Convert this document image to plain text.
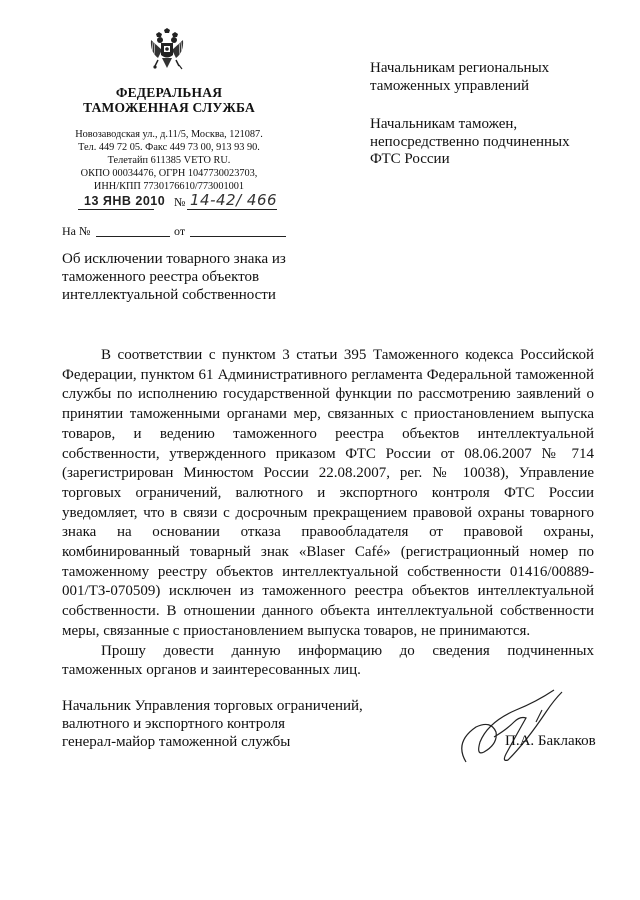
ФЕДЕРАЛЬНАЯ
ТАМОЖЕННАЯ СЛУЖБА
Новозаводская ул., д.11/5, Москва, 121087.
Тел. 449 72 05. Факс 449 73 00, 913 93 90.
Телетайп 611385 VETO RU.
ОКПО 00034476, ОГРН 1047730023703,
ИНН/КПП 7730176610/773001001
13 ЯНВ 2010 № 14-42/ 466
На №	от
Об исключении товарного знака из таможенного реестра объектов интеллектуальной собственности
Начальникам региональных таможенных управлений
Начальникам таможен, непосредственно подчиненных ФТС России

В соответствии с пунктом 3 статьи 395 Таможенного кодекса Российской Федерации, пунктом 61 Административного регламента Федеральной таможенной службы по исполнению государственной функции по рассмотрению заявлений о принятии таможенными органами мер, связанных с приостановлением выпуска товаров, и ведению таможенного реестра объектов интеллектуальной собственности, утвержденного приказом ФТС России от 08.06.2007 № 714 (зарегистрирован Минюстом России 22.08.2007, рег. № 10038), Управление торговых ограничений, валютного и экспортного контроля ФТС России уведомляет, что в связи с досрочным прекращением правовой охраны товарного знака на основании отказа правообладателя от правовой охраны, комбинированный товарный знак «Blaser Café» (регистрационный номер по таможенному реестру объектов интеллектуальной собственности 01416/00889-001/ТЗ-070509) исключен из таможенного реестра объектов интеллектуальной собственности. В отношении данного объекта интеллектуальной собственности меры, связанные с приостановлением выпуска товаров, не принимаются.

Прошу довести данную информацию до сведения подчиненных таможенных органов и заинтересованных лиц.

Начальник Управления торговых ограничений,
валютного и экспортного контроля
генерал-майор таможенной службы	П.А. Баклаков
